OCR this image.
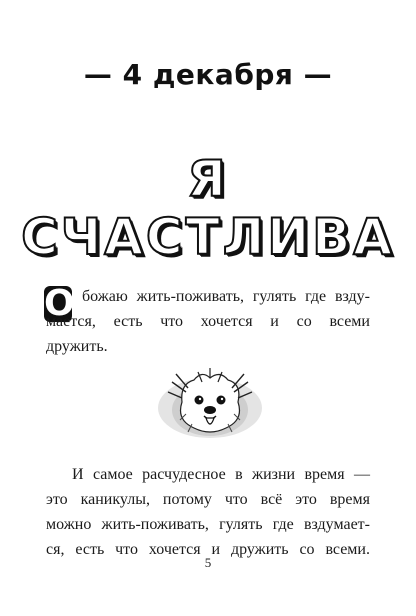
— 4 декабря —
Я СЧАСТЛИВА
О божаю жить-поживать, гулять где взду-
мается, есть что хочется и со всеми
дружить.
И самое расчудесное в жизни время —
это каникулы, потому что всё это время
можно жить-поживать, гулять где вздумает-
ся, есть что хочется и дружить со всеми.
5
